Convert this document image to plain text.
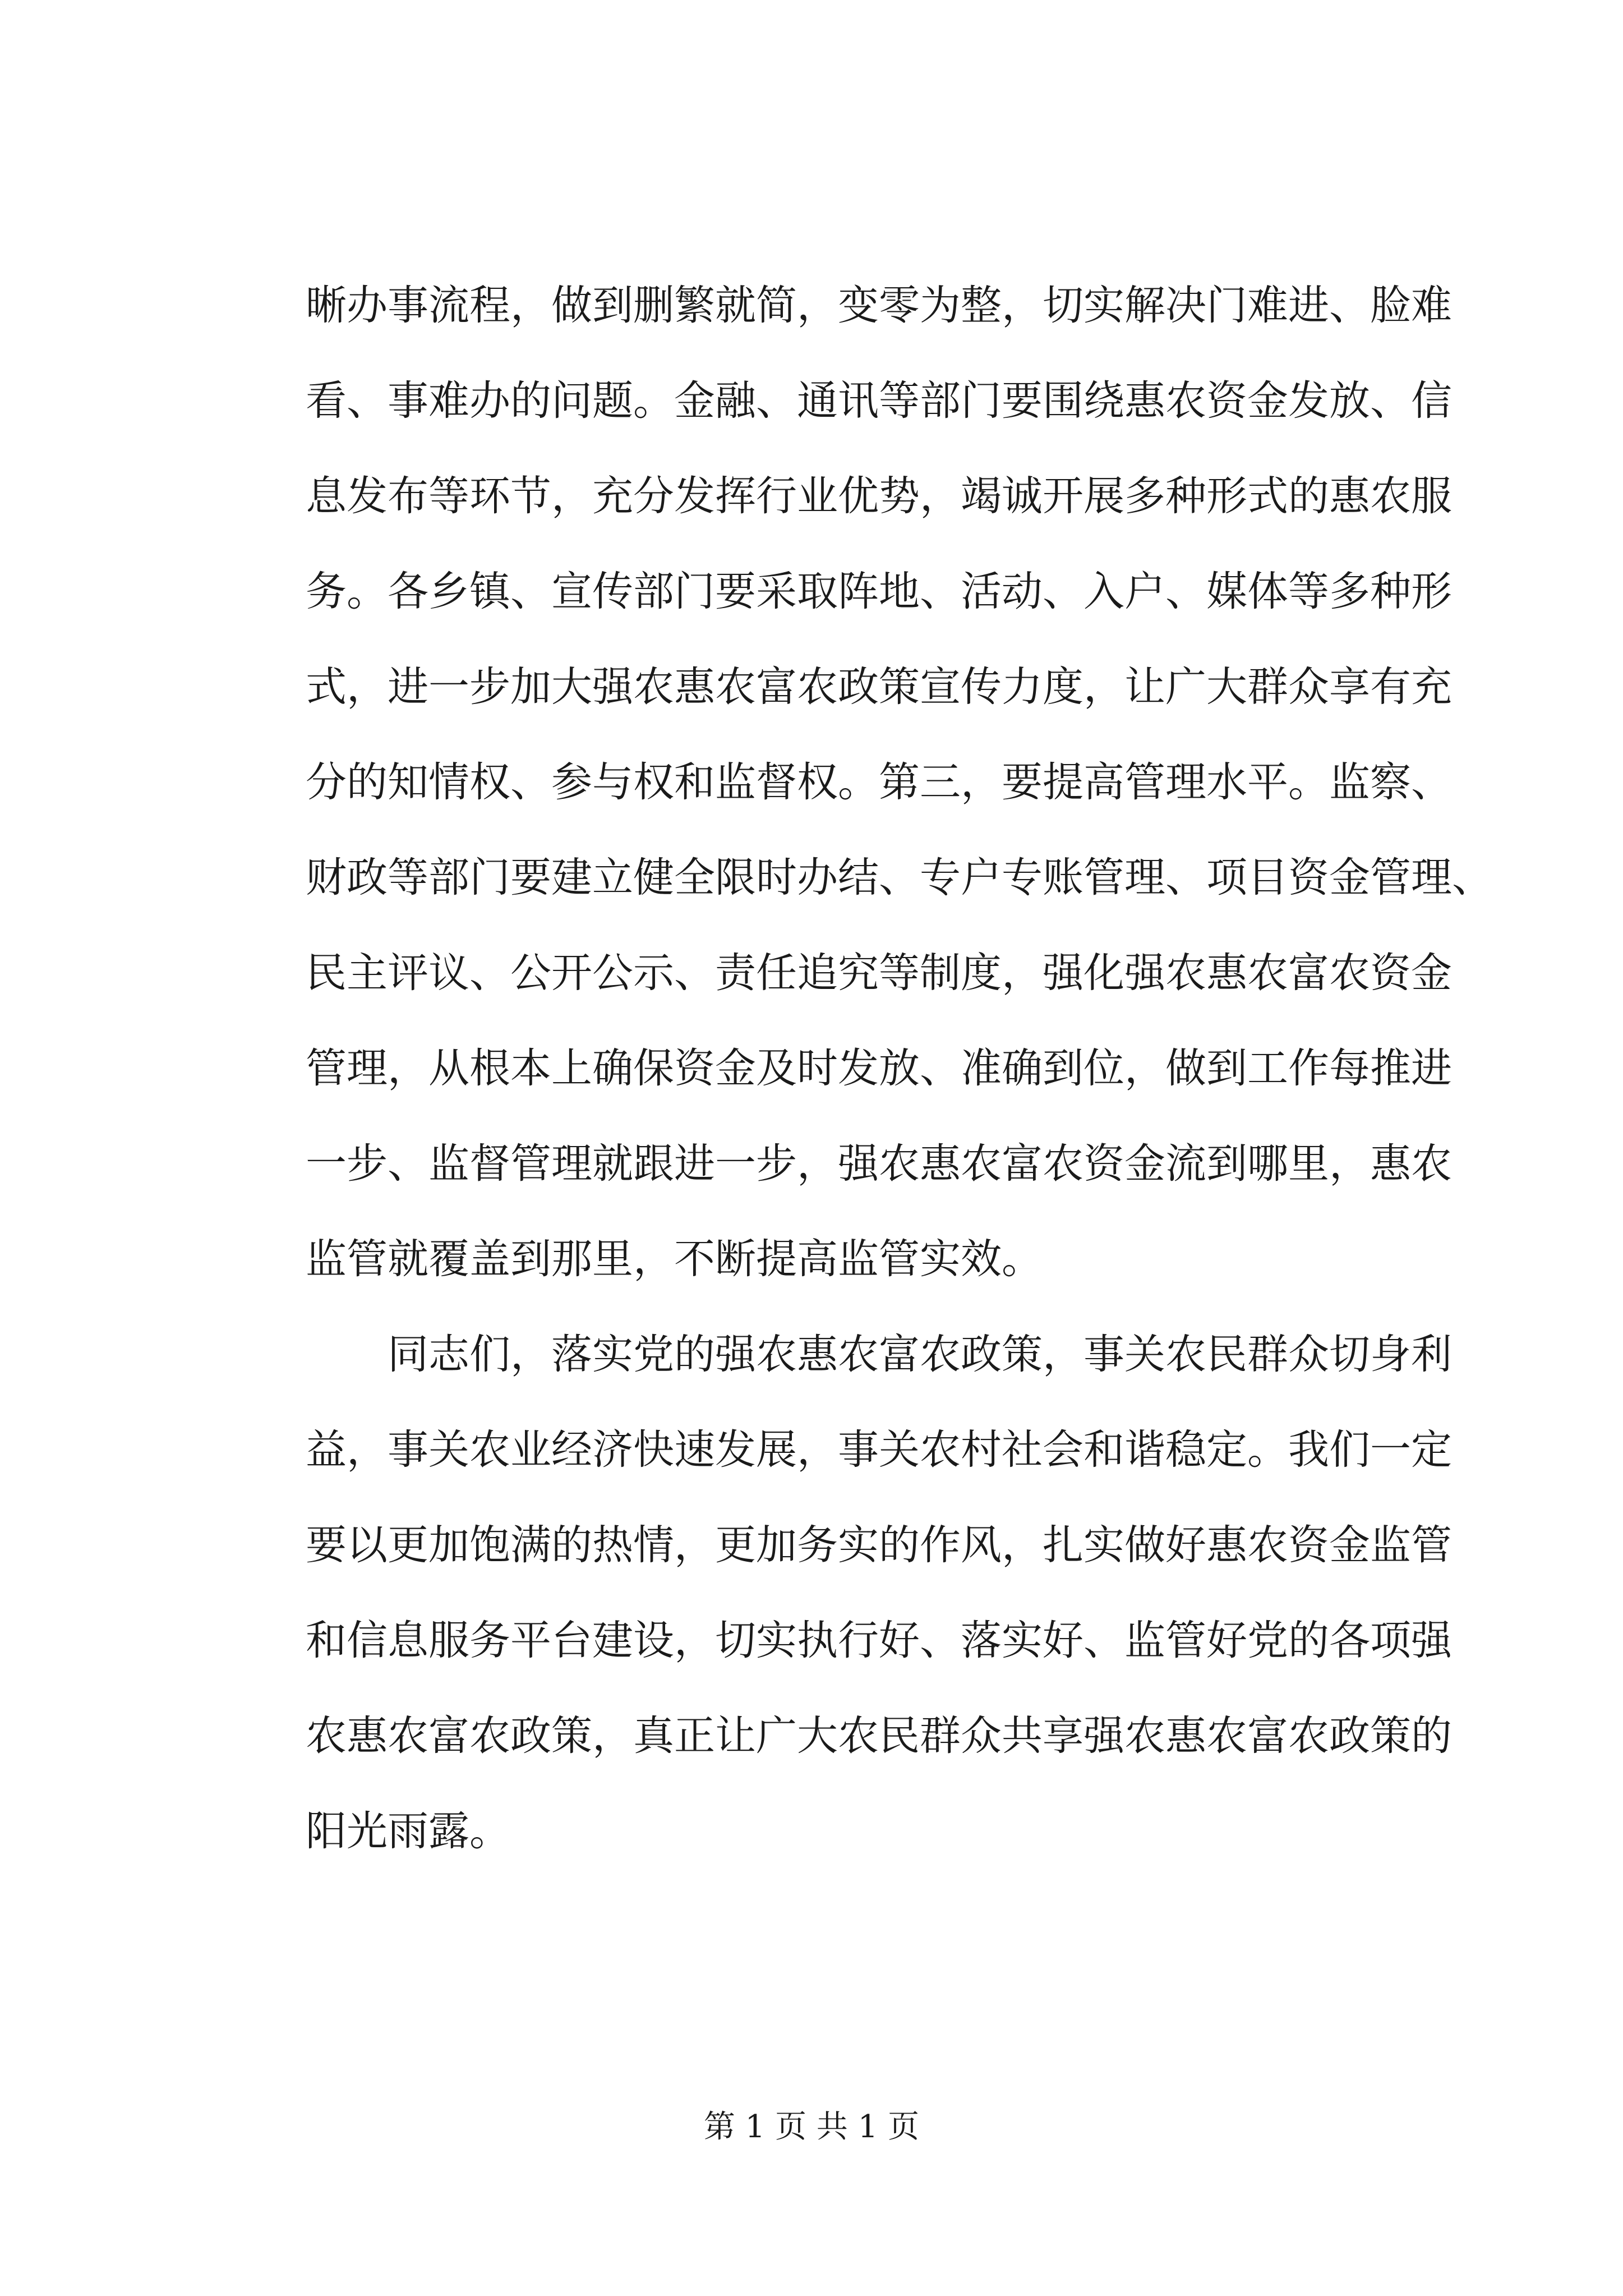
晰办事流程，做到删繁就简，变零为整，切实解决门难进、脸难
看、事难办的问题。金融、通讯等部门要围绕惠农资金发放、信
息发布等环节，充分发挥行业优势，竭诚开展多种形式的惠农服
务。各乡镇、宣传部门要采取阵地、活动、入户、媒体等多种形
式，进一步加大强农惠农富农政策宣传力度，让广大群众享有充
分的知情权、参与权和监督权。第三，要提高管理水平。监察、
财政等部门要建立健全限时办结、专户专账管理、项目资金管理、
民主评议、公开公示、责任追究等制度，强化强农惠农富农资金
管理，从根本上确保资金及时发放、准确到位，做到工作每推进
一步、监督管理就跟进一步，强农惠农富农资金流到哪里，惠农
监管就覆盖到那里，不断提高监管实效。
同志们，落实党的强农惠农富农政策，事关农民群众切身利
益，事关农业经济快速发展，事关农村社会和谐稳定。我们一定
要以更加饱满的热情，更加务实的作风，扎实做好惠农资金监管
和信息服务平台建设，切实执行好、落实好、监管好党的各项强
农惠农富农政策，真正让广大农民群众共享强农惠农富农政策的
阳光雨露。
第 1 页 共 1 页
